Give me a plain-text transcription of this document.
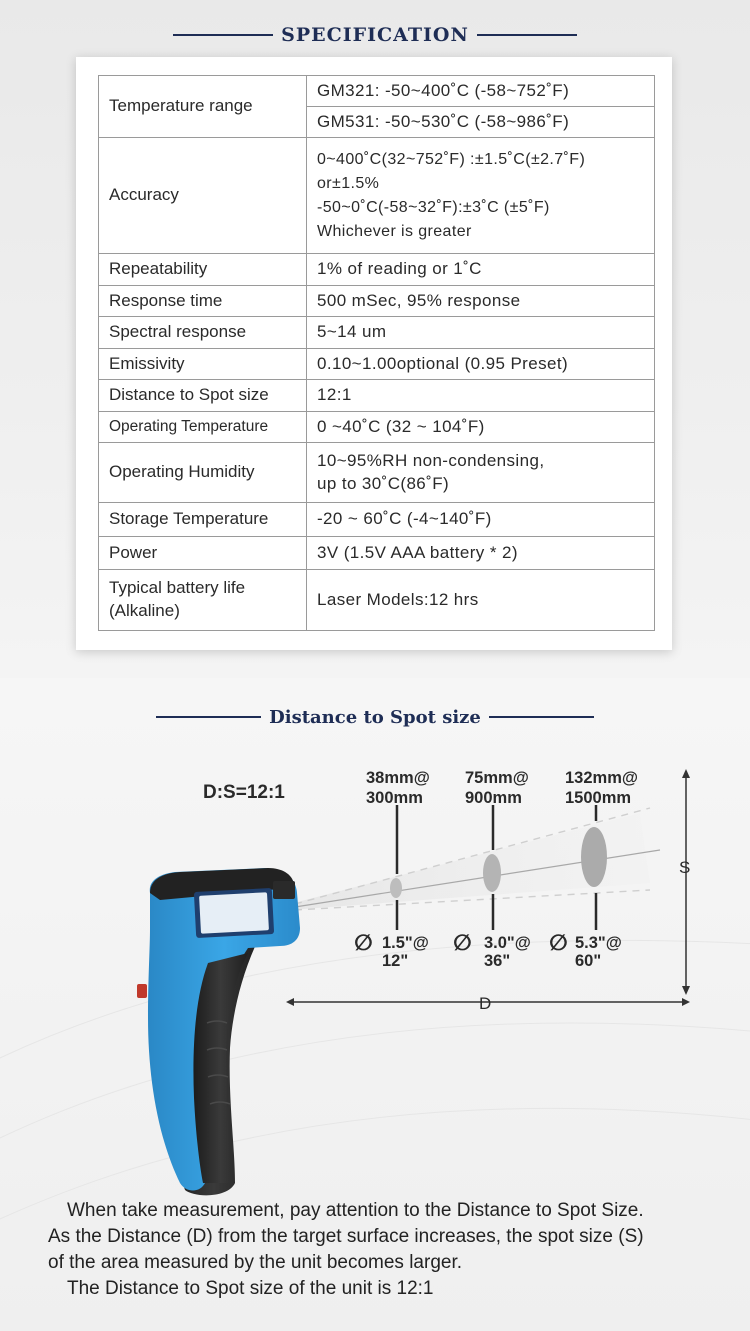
SPECIFICATION
Temperature range	GM321: -50~400˚C (-58~752˚F)
	GM531: -50~530˚C (-58~986˚F)
Accuracy	0~400˚C(32~752˚F) :±1.5˚C(±2.7˚F)
or±1.5%
-50~0˚C(-58~32˚F):±3˚C (±5˚F)
Whichever is greater

Repeatability	1% of reading or 1˚C
Response time	500 mSec, 95% response
Spectral response	5~14 um
Emissivity	0.10~1.00optional (0.95 Preset)
Distance to Spot size	12:1
Operating Temperature	0 ~40˚C (32 ~ 104˚F)
Operating Humidity	10~95%RH non-condensing,
up to 30˚C(86˚F)

Storage Temperature	-20 ~ 60˚C (-4~140˚F)
Power	3V (1.5V AAA battery * 2)

Typical battery life
(Alkaline)	Laser Models:12 hrs
Distance to Spot size
D:S=12:1
38mm@
300mm
75mm@
900mm
132mm@
1500mm
∅ 1.5"@
12"
∅ 3.0"@
36"
∅ 5.3"@
60"
S
D

When take measurement, pay attention to the Distance to Spot Size.

As the Distance (D) from the target surface increases, the spot size (S)

of the area measured by the unit becomes larger.

The Distance to Spot size of the unit is 12:1
